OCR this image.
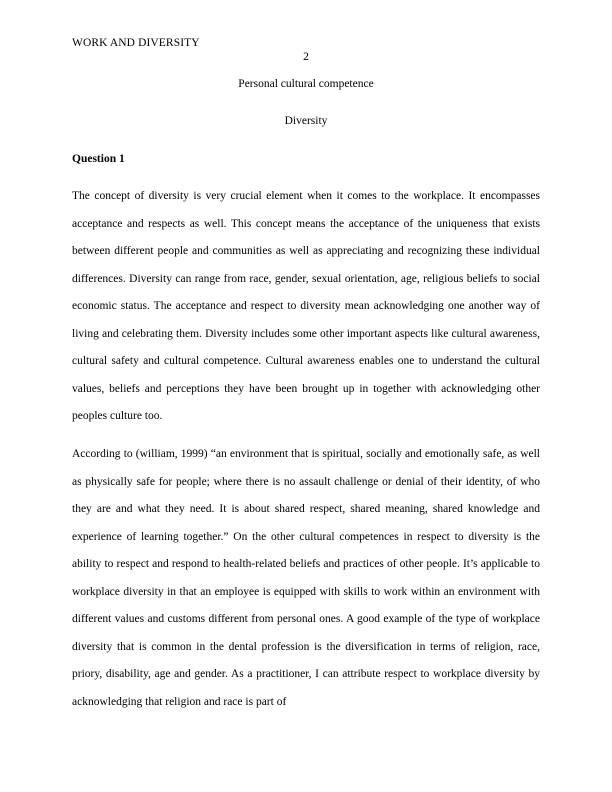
WORK AND DIVERSITY
2
Personal cultural competence
Diversity
Question 1

The concept of diversity is very crucial element when it comes to the workplace. It encompasses acceptance and respects as well. This concept means the acceptance of the uniqueness that exists between different people and communities as well as appreciating and recognizing these individual differences. Diversity can range from race, gender, sexual orientation, age, religious beliefs to social economic status. The acceptance and respect to diversity mean acknowledging one another way of living and celebrating them. Diversity includes some other important aspects like cultural awareness, cultural safety and cultural competence. Cultural awareness enables one to understand the cultural values, beliefs and perceptions they have been brought up in together with acknowledging other peoples culture too.

According to (william, 1999) “an environment that is spiritual, socially and emotionally safe, as well as physically safe for people; where there is no assault challenge or denial of their identity, of who they are and what they need. It is about shared respect, shared meaning, shared knowledge and experience of learning together.” On the other cultural competences in respect to diversity is the ability to respect and respond to health-related beliefs and practices of other people. It’s applicable to workplace diversity in that an employee is equipped with skills to work within an environment with different values and customs different from personal ones. A good example of the type of workplace diversity that is common in the dental profession is the diversification in terms of religion, race, priory, disability, age and gender. As a practitioner, I can attribute respect to workplace diversity by acknowledging that religion and race is part of
